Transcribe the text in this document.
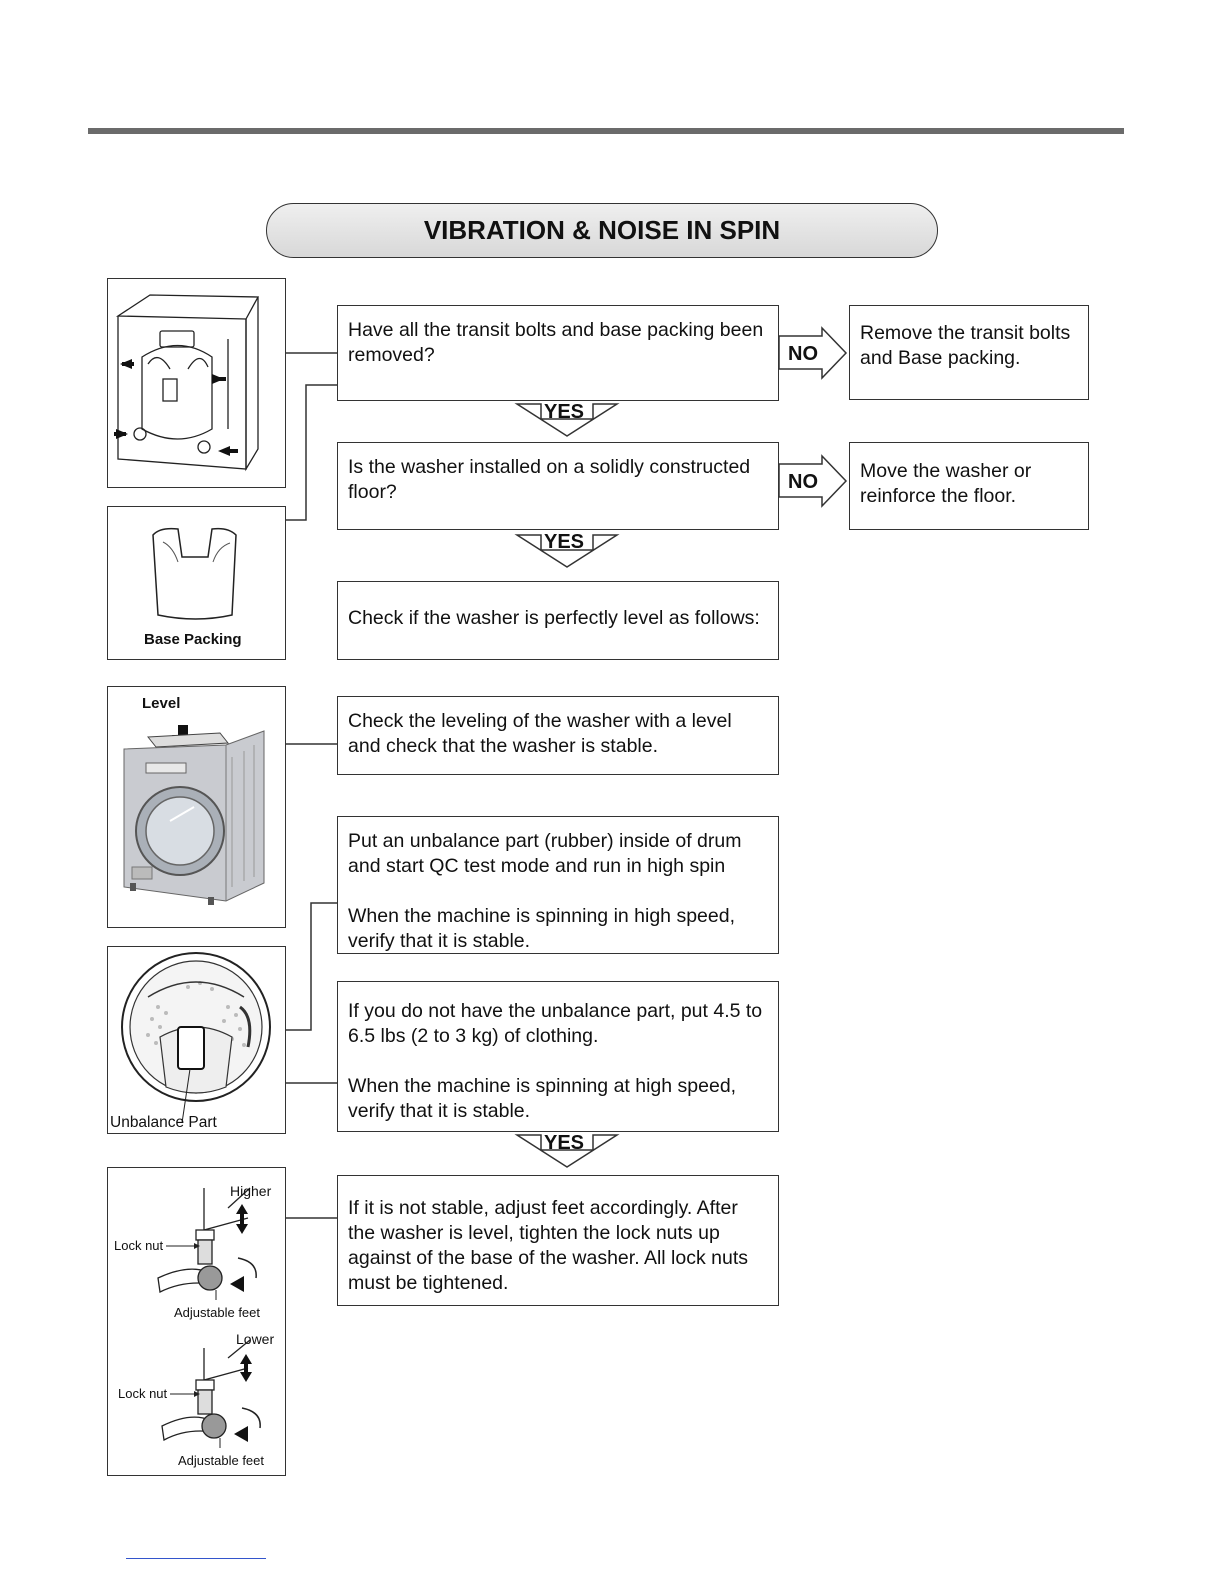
VIBRATION & NOISE IN SPIN
YES
YES
YES
NO
NO

Have all the transit bolts and base packing been removed?

Is the washer installed on a solidly constructed floor?

Check if the washer is perfectly level as follows:

Check the leveling of the washer with a level and check that the washer is stable.

Put an unbalance part (rubber) inside of drum and start QC test mode and run in high spin

When the machine is spinning in high speed, verify that it is stable.

If you do not have the unbalance part, put 4.5 to 6.5 lbs (2 to 3 kg) of clothing.

When the machine is spinning at high speed, verify that it is stable.

If it is not stable, adjust feet accordingly. After the washer is level, tighten the lock nuts up against of the base of the washer. All lock nuts must be tightened.

Remove the transit bolts and Base packing.

Move the washer or reinforce the floor.

Base Packing
Level
Unbalance Part
Higher
Lock nut
Adjustable feet
Lower
Lock nut
Adjustable feet
